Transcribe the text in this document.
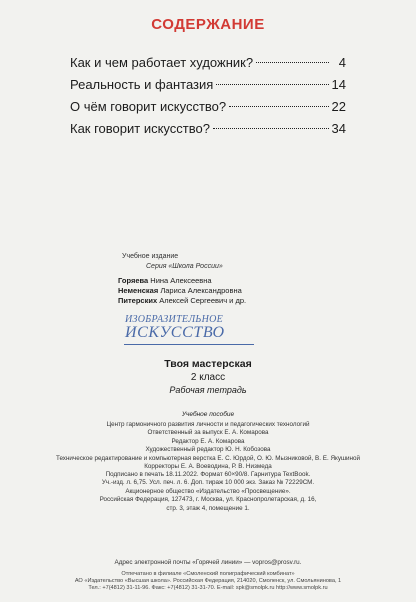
СОДЕРЖАНИЕ
Как и чем работает художник?	4
Реальность и фантазия	14
О чём говорит искусство?	22
Как говорит искусство?	34
Учебное издание
Серия «Школа России»
Горяева Нина Алексеевна
Неменская Лариса Александровна
Питерских Алексей Сергеевич и др.
ИЗОБРАЗИТЕЛЬНОЕ
ИСКУССТВО
Твоя мастерская
2 класс
Рабочая тетрадь
Учебное пособие
Центр гармоничного развития личности и педагогических технологий
Ответственный за выпуск Е. А. Комарова
Редактор Е. А. Комарова
Художественный редактор Ю. Н. Кобозова
Техническое редактирование и компьютерная верстка Е. С. Юрдой, О. Ю. Мызниковой, В. Е. Якушиной
Корректоры Е. А. Воеводина, Р. В. Низмеда
Подписано в печать 18.11.2022. Формат 60×90/8. Гарнитура TextBook.
Уч.-изд. л. 6,75. Усл. печ. л. 6. Доп. тираж 10 000 экз. Заказ № 72229СМ.
Акционерное общество «Издательство «Просвещение».
Российская Федерация, 127473, г. Москва, ул. Краснопролетарская, д. 16,
стр. 3, этаж 4, помещение 1.
Адрес электронной почты «Горячей линии» — vopros@prosv.ru.
Отпечатано в филиале «Смоленский полиграфический комбинат»
АО «Издательство «Высшая школа». Российская Федерация, 214020, Смоленск, ул. Смольянинова, 1
Тел.: +7(4812) 31-11-96. Факс: +7(4812) 31-31-70. E-mail: spk@smolpk.ru http://www.smolpk.ru
